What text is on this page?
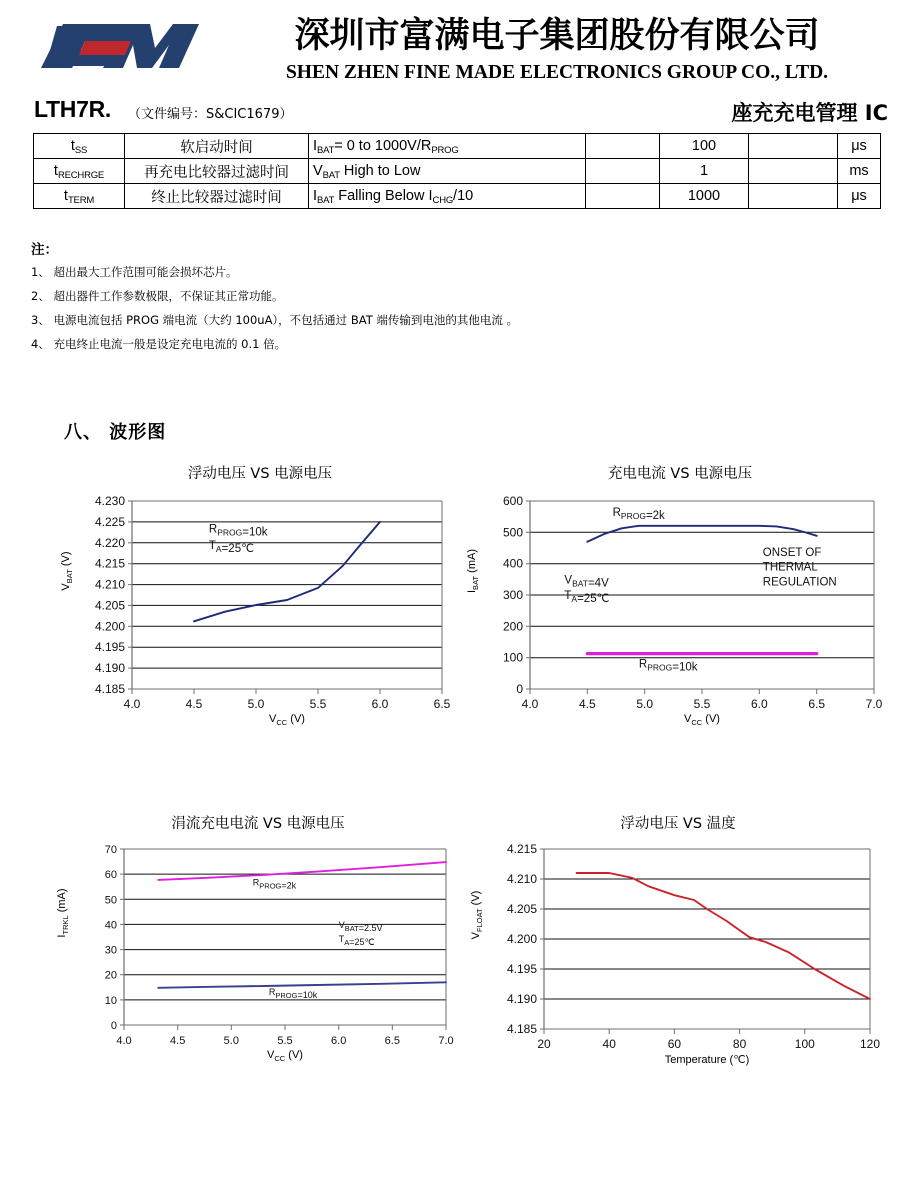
深圳市富满电子集团股份有限公司
SHEN ZHEN FINE MADE ELECTRONICS GROUP CO., LTD.
LTH7R. （文件编号：S&CIC1679）	座充充电管理 IC
$t_{SS}$	软启动时间	$I_{BAT}= 0$ to $1000V/R_{PROG}$		100		μs
$t_{RECHRGE}$	再充电比较器过滤时间	$V_{BAT}$ High to Low		1		ms
$t_{TERM}$	终止比较器过滤时间	$I_{BAT}$ Falling Below $I_{CHG}/10$		1000		μs
注：
1、 超出最大工作范围可能会损坏芯片。
2、 超出器件工作参数极限，不保证其正常功能。
3、 电源电流包括 PROG 端电流（大约 100uA），不包括通过 BAT 端传输到电池的其他电流 。
4、 充电终止电流一般是设定充电电流的 0.1 倍。
八、 波形图
浮动电压 VS 电源电压
4.230
4.225
4.220
4.215
4.210
4.205
4.200
4.195
4.190
4.185
4.0	4.5	5.0	5.5	6.0	6.5
$R_{PROG}=10k$
$T_A=25℃$
$V_{BAT}$ (V)
$V_{CC}$ (V)
充电电流 VS 电源电压
600
500
400
300
200
100
0
4.0	4.5	5.0	5.5	6.0	6.5	7.0
$R_{PROG}=2k$
$V_{BAT}=4V$
$T_A=25℃$
ONSET OF
THERMAL
REGULATION
$R_{PROG}=10k$
$I_{BAT}$ (mA)
$V_{CC}$ (V)
涓流充电电流 VS 电源电压
70
60
50
40
30
20
10
0
4.0	4.5	5.0	5.5	6.0	6.5	7.0
$R_{PROG}=2k$
$V_{BAT}=2.5V$
$T_A=25℃$
$R_{PROG}=10k$
$I_{TRKL}$ (mA)
$V_{CC}$ (V)
浮动电压 VS 温度
4.215
4.210
4.205
4.200
4.195
4.190
4.185
20	40	60	80	100	120
$V_{FLOAT}$ (V)
Temperature (℃)
